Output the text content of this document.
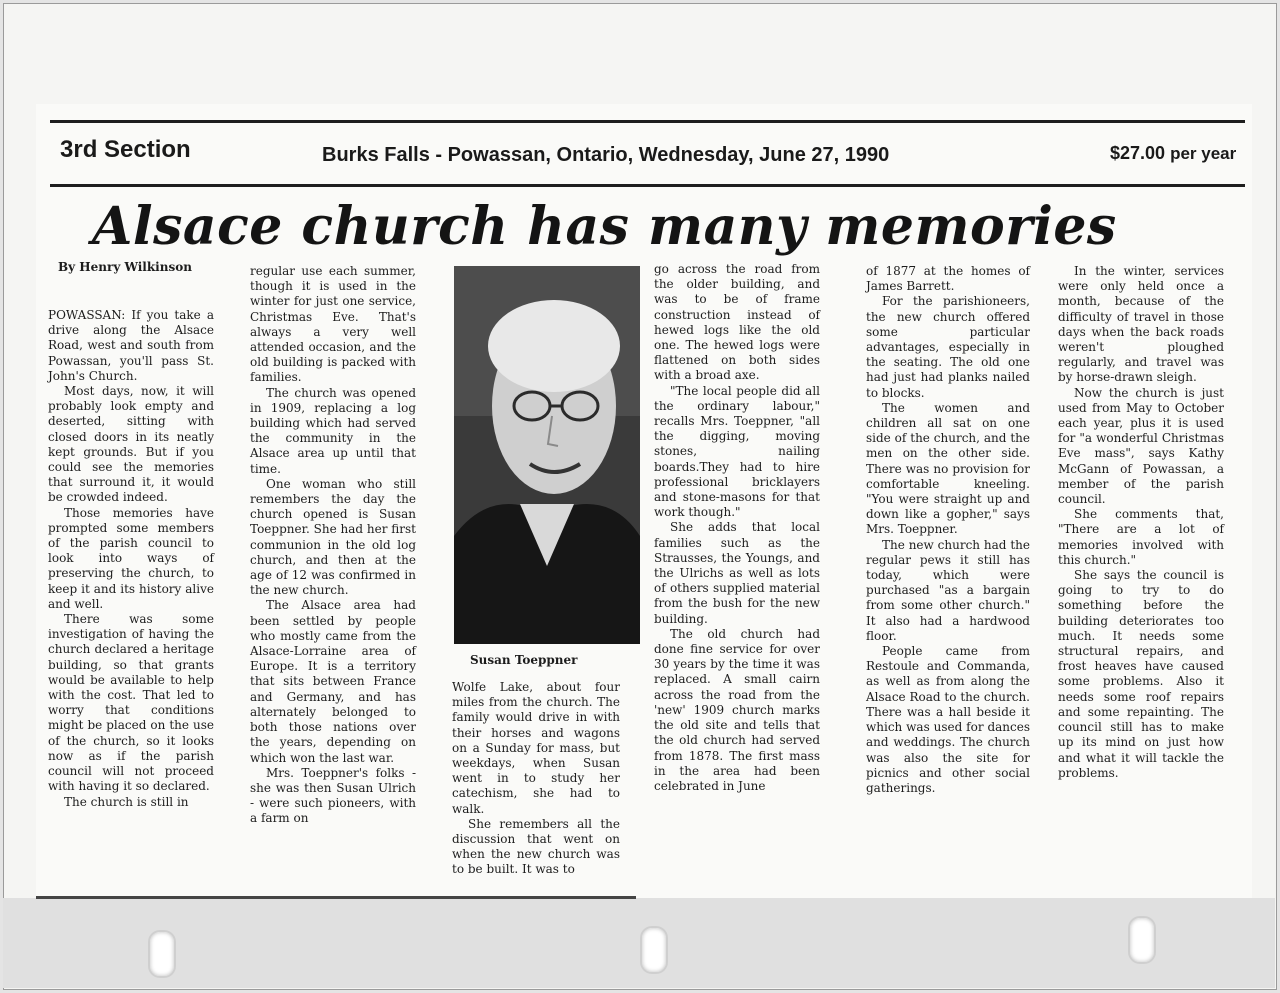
3rd Section	Burks Falls - Powassan, Ontario, Wednesday, June 27, 1990	$27.00 per year
Alsace church has many memories
By Henry Wilkinson

POWASSAN: If you take a drive along the Alsace Road, west and south from Powassan, you'll pass St. John's Church.

Most days, now, it will probably look empty and deserted, sitting with closed doors in its neatly kept grounds. But if you could see the memories that surround it, it would be crowded indeed.

Those memories have prompted some members of the parish council to look into ways of preserving the church, to keep it and its history alive and well.

There was some investigation of having the church declared a heritage building, so that grants would be available to help with the cost. That led to worry that conditions might be placed on the use of the church, so it looks now as if the parish council will not proceed with having it so declared.

The church is still in

regular use each summer, though it is used in the winter for just one service, Christmas Eve. That's always a very well attended occasion, and the old building is packed with families.

The church was opened in 1909, replacing a log building which had served the community in the Alsace area up until that time.

One woman who still remembers the day the church opened is Susan Toeppner. She had her first communion in the old log church, and then at the age of 12 was confirmed in the new church.

The Alsace area had been settled by people who mostly came from the Alsace-Lorraine area of Europe. It is a territory that sits between France and Germany, and has alternately belonged to both those nations over the years, depending on which won the last war.

Mrs. Toeppner's folks - she was then Susan Ulrich - were such pioneers, with a farm on

Susan Toeppner

Wolfe Lake, about four miles from the church. The family would drive in with their horses and wagons on a Sunday for mass, but weekdays, when Susan went in to study her catechism, she had to walk.

She remembers all the discussion that went on when the new church was to be built. It was to

go across the road from the older building, and was to be of frame construction instead of hewed logs like the old one. The hewed logs were flattened on both sides with a broad axe.

"The local people did all the ordinary labour," recalls Mrs. Toeppner, "all the digging, moving stones, nailing boards.They had to hire professional bricklayers and stone-masons for that work though."

She adds that local families such as the Strausses, the Youngs, and the Ulrichs as well as lots of others supplied material from the bush for the new building.

The old church had done fine service for over 30 years by the time it was replaced. A small cairn across the road from the 'new' 1909 church marks the old site and tells that the old church had served from 1878. The first mass in the area had been celebrated in June

of 1877 at the homes of James Barrett.

For the parishioneers, the new church offered some particular advantages, especially in the seating. The old one had just had planks nailed to blocks.

The women and children all sat on one side of the church, and the men on the other side. There was no provision for comfortable kneeling. "You were straight up and down like a gopher," says Mrs. Toeppner.

The new church had the regular pews it still has today, which were purchased "as a bargain from some other church." It also had a hardwood floor.

People came from Restoule and Commanda, as well as from along the Alsace Road to the church. There was a hall beside it which was used for dances and weddings. The church was also the site for picnics and other social gatherings.

In the winter, services were only held once a month, because of the difficulty of travel in those days when the back roads weren't ploughed regularly, and travel was by horse-drawn sleigh.

Now the church is just used from May to October each year, plus it is used for "a wonderful Christmas Eve mass", says Kathy McGann of Powassan, a member of the parish council.

She comments that, "There are a lot of memories involved with this church."

She says the council is going to try to do something before the building deteriorates too much. It needs some structural repairs, and frost heaves have caused some problems. Also it needs some roof repairs and some repainting. The council still has to make up its mind on just how and what it will tackle the problems.
